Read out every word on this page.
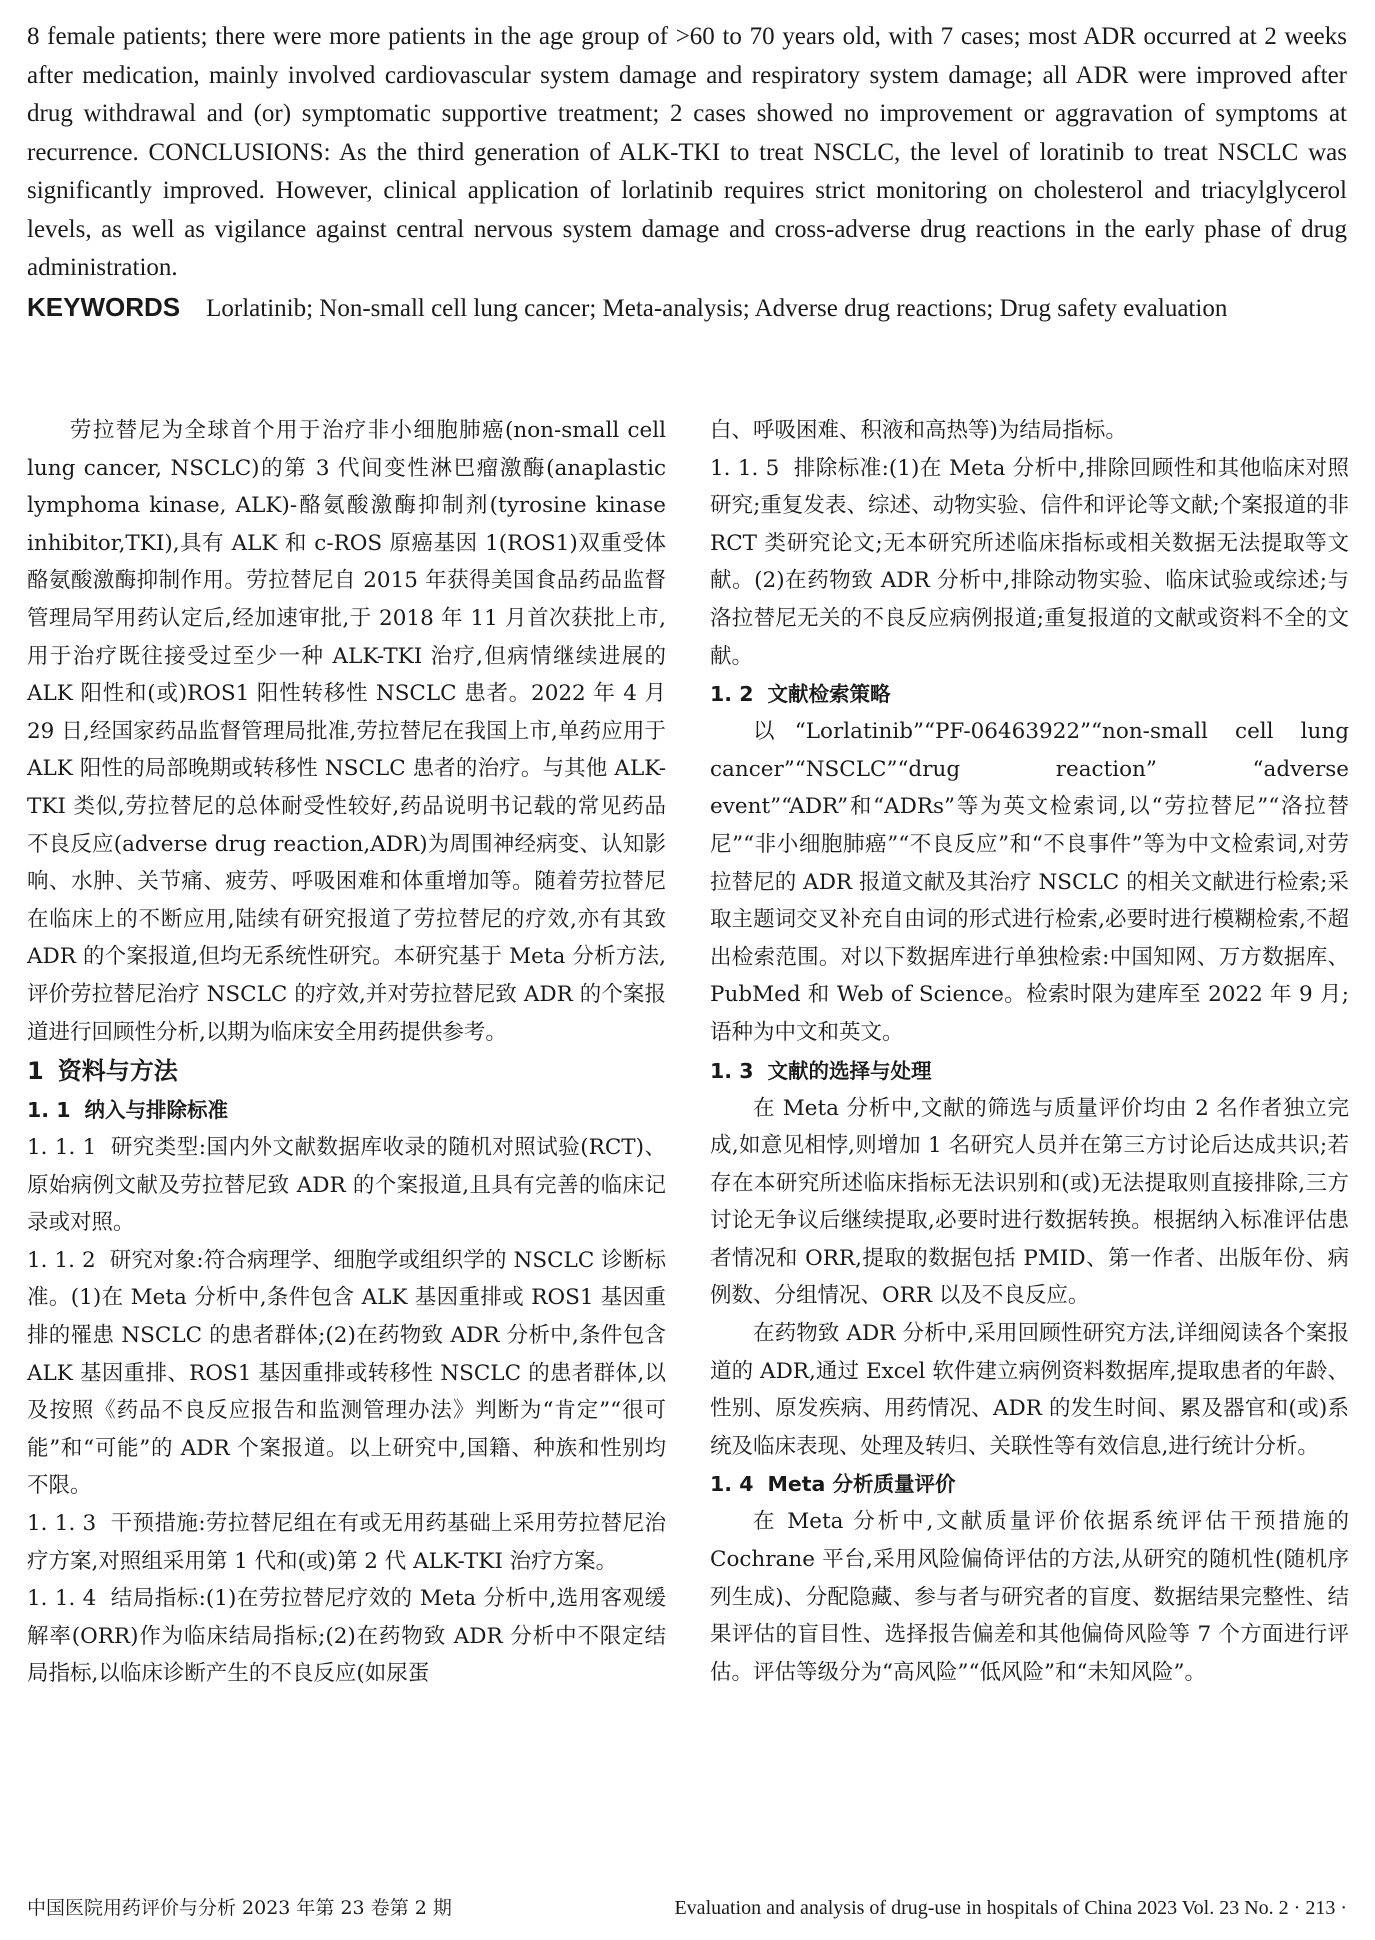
8 female patients; there were more patients in the age group of >60 to 70 years old, with 7 cases; most ADR occurred at 2 weeks after medication, mainly involved cardiovascular system damage and respiratory system damage; all ADR were improved after drug withdrawal and (or) symptomatic supportive treatment; 2 cases showed no improvement or aggravation of symptoms at recurrence. CONCLUSIONS: As the third generation of ALK-TKI to treat NSCLC, the level of loratinib to treat NSCLC was significantly improved. However, clinical application of lorlatinib requires strict monitoring on cholesterol and triacylglycerol levels, as well as vigilance against central nervous system damage and cross-adverse drug reactions in the early phase of drug administration.

KEYWORDS Lorlatinib; Non-small cell lung cancer; Meta-analysis; Adverse drug reactions; Drug safety evaluation

劳拉替尼为全球首个用于治疗非小细胞肺癌(non-small cell lung cancer, NSCLC)的第 3 代间变性淋巴瘤激酶(anaplastic lymphoma kinase, ALK)-酪氨酸激酶抑制剂(tyrosine kinase inhibitor,TKI),具有 ALK 和 c-ROS 原癌基因 1(ROS1)双重受体酪氨酸激酶抑制作用。劳拉替尼自 2015 年获得美国食品药品监督管理局罕用药认定后,经加速审批,于 2018 年 11 月首次获批上市,用于治疗既往接受过至少一种 ALK-TKI 治疗,但病情继续进展的 ALK 阳性和(或)ROS1 阳性转移性 NSCLC 患者。2022 年 4 月 29 日,经国家药品监督管理局批准,劳拉替尼在我国上市,单药应用于 ALK 阳性的局部晚期或转移性 NSCLC 患者的治疗。与其他 ALK-TKI 类似,劳拉替尼的总体耐受性较好,药品说明书记载的常见药品不良反应(adverse drug reaction,ADR)为周围神经病变、认知影响、水肿、关节痛、疲劳、呼吸困难和体重增加等。随着劳拉替尼在临床上的不断应用,陆续有研究报道了劳拉替尼的疗效,亦有其致 ADR 的个案报道,但均无系统性研究。本研究基于 Meta 分析方法,评价劳拉替尼治疗 NSCLC 的疗效,并对劳拉替尼致 ADR 的个案报道进行回顾性分析,以期为临床安全用药提供参考。

1 资料与方法

1. 1 纳入与排除标准

1. 1. 1 研究类型:国内外文献数据库收录的随机对照试验(RCT)、原始病例文献及劳拉替尼致 ADR 的个案报道,且具有完善的临床记录或对照。

1. 1. 2 研究对象:符合病理学、细胞学或组织学的 NSCLC 诊断标准。(1)在 Meta 分析中,条件包含 ALK 基因重排或 ROS1 基因重排的罹患 NSCLC 的患者群体;(2)在药物致 ADR 分析中,条件包含 ALK 基因重排、ROS1 基因重排或转移性 NSCLC 的患者群体,以及按照《药品不良反应报告和监测管理办法》判断为“肯定”“很可能”和“可能”的 ADR 个案报道。以上研究中,国籍、种族和性别均不限。

1. 1. 3 干预措施:劳拉替尼组在有或无用药基础上采用劳拉替尼治疗方案,对照组采用第 1 代和(或)第 2 代 ALK-TKI 治疗方案。

1. 1. 4 结局指标:(1)在劳拉替尼疗效的 Meta 分析中,选用客观缓解率(ORR)作为临床结局指标;(2)在药物致 ADR 分析中不限定结局指标,以临床诊断产生的不良反应(如尿蛋

白、呼吸困难、积液和高热等)为结局指标。

1. 1. 5 排除标准:(1)在 Meta 分析中,排除回顾性和其他临床对照研究;重复发表、综述、动物实验、信件和评论等文献;个案报道的非 RCT 类研究论文;无本研究所述临床指标或相关数据无法提取等文献。(2)在药物致 ADR 分析中,排除动物实验、临床试验或综述;与洛拉替尼无关的不良反应病例报道;重复报道的文献或资料不全的文献。

1. 2 文献检索策略

以“Lorlatinib”“PF-06463922”“non-small cell lung cancer”“NSCLC”“drug reaction” “adverse event”“ADR”和“ADRs”等为英文检索词,以“劳拉替尼”“洛拉替尼”“非小细胞肺癌”“不良反应”和“不良事件”等为中文检索词,对劳拉替尼的 ADR 报道文献及其治疗 NSCLC 的相关文献进行检索;采取主题词交叉补充自由词的形式进行检索,必要时进行模糊检索,不超出检索范围。对以下数据库进行单独检索:中国知网、万方数据库、PubMed 和 Web of Science。检索时限为建库至 2022 年 9 月;语种为中文和英文。

1. 3 文献的选择与处理

在 Meta 分析中,文献的筛选与质量评价均由 2 名作者独立完成,如意见相悖,则增加 1 名研究人员并在第三方讨论后达成共识;若存在本研究所述临床指标无法识别和(或)无法提取则直接排除,三方讨论无争议后继续提取,必要时进行数据转换。根据纳入标准评估患者情况和 ORR,提取的数据包括 PMID、第一作者、出版年份、病例数、分组情况、ORR 以及不良反应。

在药物致 ADR 分析中,采用回顾性研究方法,详细阅读各个案报道的 ADR,通过 Excel 软件建立病例资料数据库,提取患者的年龄、性别、原发疾病、用药情况、ADR 的发生时间、累及器官和(或)系统及临床表现、处理及转归、关联性等有效信息,进行统计分析。

1. 4 Meta 分析质量评价

在 Meta 分析中,文献质量评价依据系统评估干预措施的 Cochrane 平台,采用风险偏倚评估的方法,从研究的随机性(随机序列生成)、分配隐藏、参与者与研究者的盲度、数据结果完整性、结果评估的盲目性、选择报告偏差和其他偏倚风险等 7 个方面进行评估。评估等级分为“高风险”“低风险”和“未知风险”。

中国医院用药评价与分析 2023 年第 23 卷第 2 期	Evaluation and analysis of drug-use in hospitals of China 2023 Vol. 23 No. 2 · 213 ·
